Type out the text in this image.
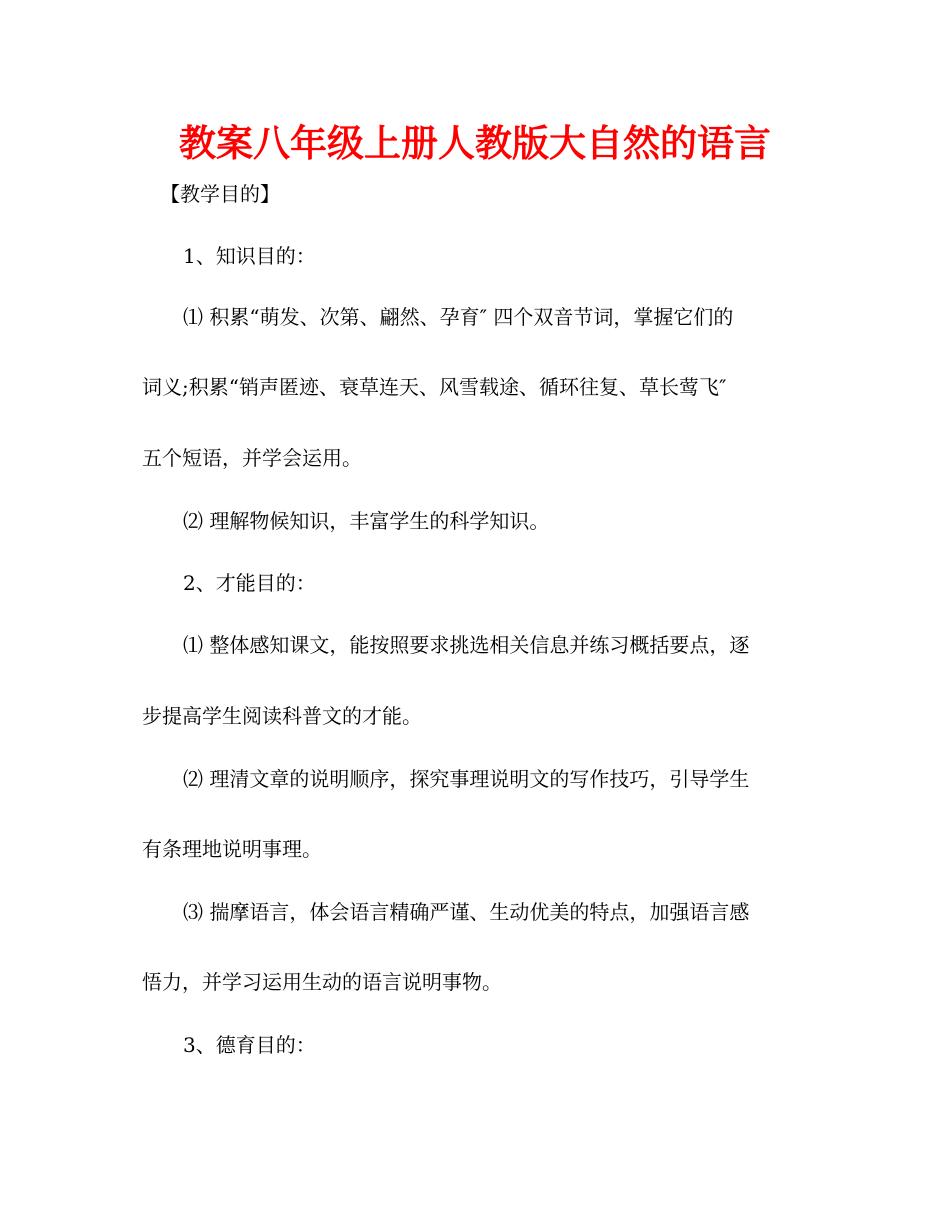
教案八年级上册人教版大自然的语言

【教学目的】

1、知识目的：

⑴ 积累“萌发、次第、翩然、孕育″ 四个双音节词，掌握它们的

词义;积累“销声匿迹、衰草连天、风雪载途、循环往复、草长莺飞″

五个短语，并学会运用。

⑵ 理解物候知识，丰富学生的科学知识。

2、才能目的：

⑴ 整体感知课文，能按照要求挑选相关信息并练习概括要点，逐

步提高学生阅读科普文的才能。

⑵ 理清文章的说明顺序，探究事理说明文的写作技巧，引导学生

有条理地说明事理。

⑶ 揣摩语言，体会语言精确严谨、生动优美的特点，加强语言感

悟力，并学习运用生动的语言说明事物。

3、德育目的：
